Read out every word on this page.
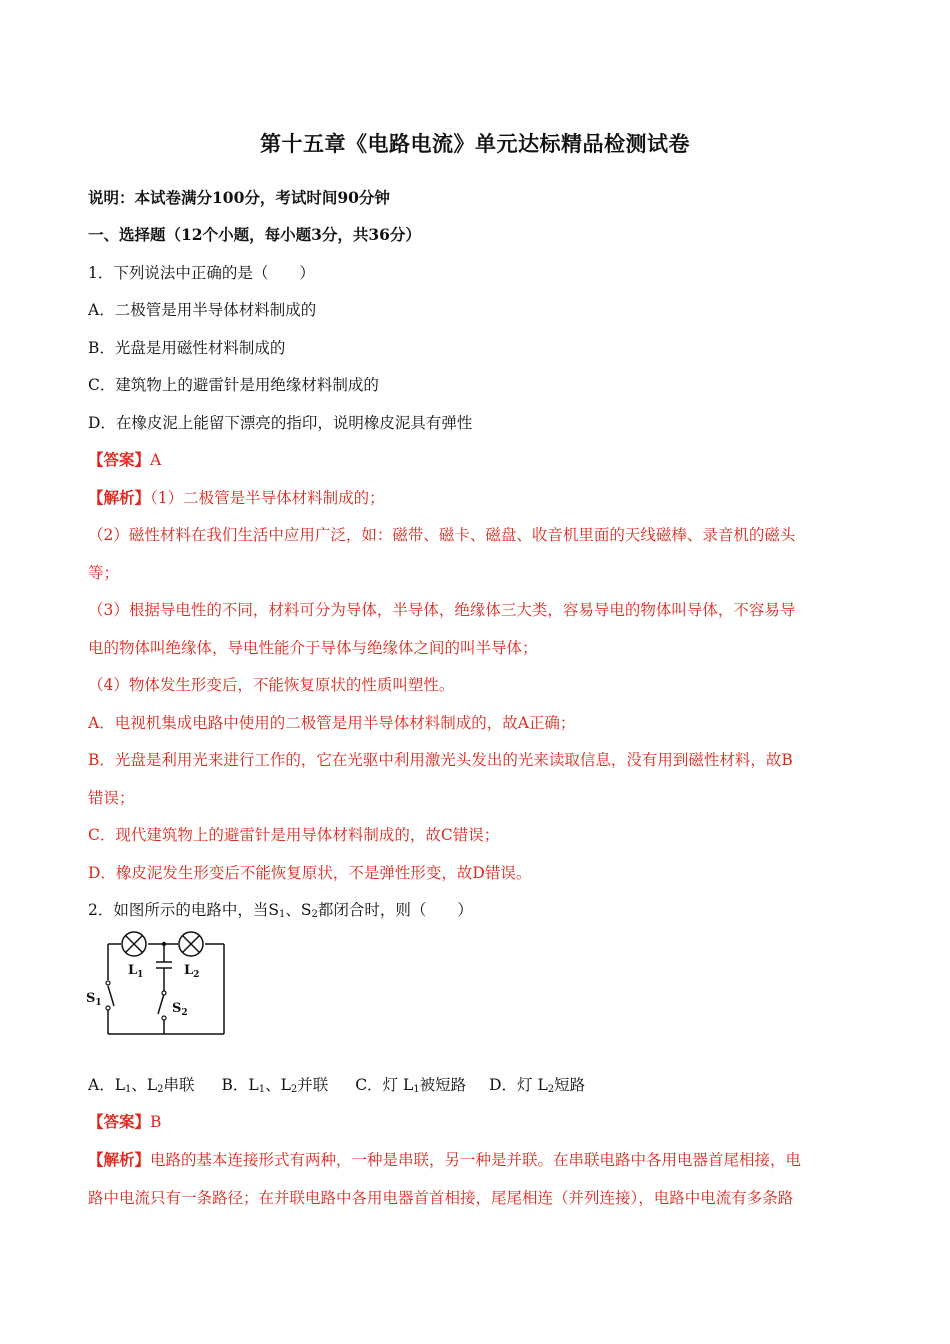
第十五章《电路电流》单元达标精品检测试卷
说明：本试卷满分100分，考试时间90分钟
一、选择题（12个小题，每小题3分，共36分）
1．下列说法中正确的是（　　）
A．二极管是用半导体材料制成的
B．光盘是用磁性材料制成的
C．建筑物上的避雷针是用绝缘材料制成的
D．在橡皮泥上能留下漂亮的指印，说明橡皮泥具有弹性
【答案】A
【解析】（1）二极管是半导体材料制成的；
（2）磁性材料在我们生活中应用广泛，如：磁带、磁卡、磁盘、收音机里面的天线磁棒、录音机的磁头
等；
（3）根据导电性的不同，材料可分为导体，半导体，绝缘体三大类，容易导电的物体叫导体，不容易导
电的物体叫绝缘体，导电性能介于导体与绝缘体之间的叫半导体；
（4）物体发生形变后，不能恢复原状的性质叫塑性。
A．电视机集成电路中使用的二极管是用半导体材料制成的，故A正确；
B．光盘是利用光来进行工作的，它在光驱中利用激光头发出的光来读取信息，没有用到磁性材料，故B
错误；
C．现代建筑物上的避雷针是用导体材料制成的，故C错误；
D．橡皮泥发生形变后不能恢复原状，不是弹性形变，故D错误。
2．如图所示的电路中，当$S_1$、$S_2$都闭合时，则（　　）
$L_1$	$L_2$
$S_1$	$S_2$
A．$L_1$、$L_2$串联 B．$L_1$、$L_2$并联 C．灯 $L_1$被短路 D．灯 $L_2$短路
【答案】B
【解析】电路的基本连接形式有两种，一种是串联，另一种是并联。在串联电路中各用电器首尾相接，电
路中电流只有一条路径；在并联电路中各用电器首首相接，尾尾相连（并列连接），电路中电流有多条路
